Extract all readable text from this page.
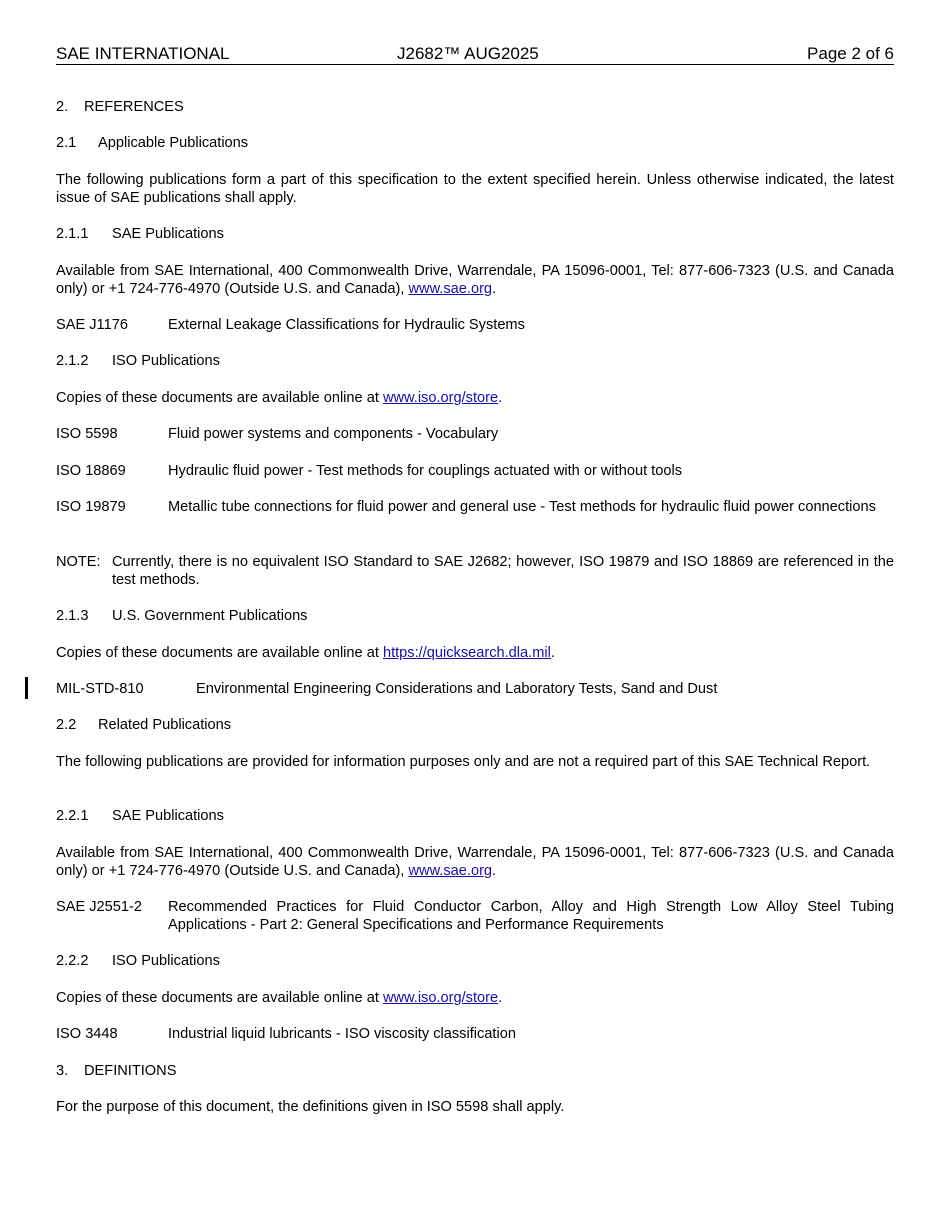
SAE INTERNATIONAL	J2682™ AUG2025	Page 2 of 6
2. REFERENCES
2.1 Applicable Publications
The following publications form a part of this specification to the extent specified herein. Unless otherwise indicated, the latest issue of SAE publications shall apply.
2.1.1 SAE Publications
Available from SAE International, 400 Commonwealth Drive, Warrendale, PA 15096-0001, Tel: 877-606-7323 (U.S. and Canada only) or +1 724-776-4970 (Outside U.S. and Canada), www.sae.org.
SAE J1176	External Leakage Classifications for Hydraulic Systems
2.1.2 ISO Publications
Copies of these documents are available online at www.iso.org/store.
ISO 5598	Fluid power systems and components - Vocabulary
ISO 18869	Hydraulic fluid power - Test methods for couplings actuated with or without tools
ISO 19879	Metallic tube connections for fluid power and general use - Test methods for hydraulic fluid power connections
NOTE: Currently, there is no equivalent ISO Standard to SAE J2682; however, ISO 19879 and ISO 18869 are referenced in the test methods.
2.1.3 U.S. Government Publications
Copies of these documents are available online at https://quicksearch.dla.mil.
MIL-STD-810	Environmental Engineering Considerations and Laboratory Tests, Sand and Dust
2.2 Related Publications
The following publications are provided for information purposes only and are not a required part of this SAE Technical Report.
2.2.1 SAE Publications
Available from SAE International, 400 Commonwealth Drive, Warrendale, PA 15096-0001, Tel: 877-606-7323 (U.S. and Canada only) or +1 724-776-4970 (Outside U.S. and Canada), www.sae.org.
SAE J2551-2 Recommended Practices for Fluid Conductor Carbon, Alloy and High Strength Low Alloy Steel Tubing Applications - Part 2: General Specifications and Performance Requirements
2.2.2 ISO Publications
Copies of these documents are available online at www.iso.org/store.
ISO 3448	Industrial liquid lubricants - ISO viscosity classification
3. DEFINITIONS
For the purpose of this document, the definitions given in ISO 5598 shall apply.
